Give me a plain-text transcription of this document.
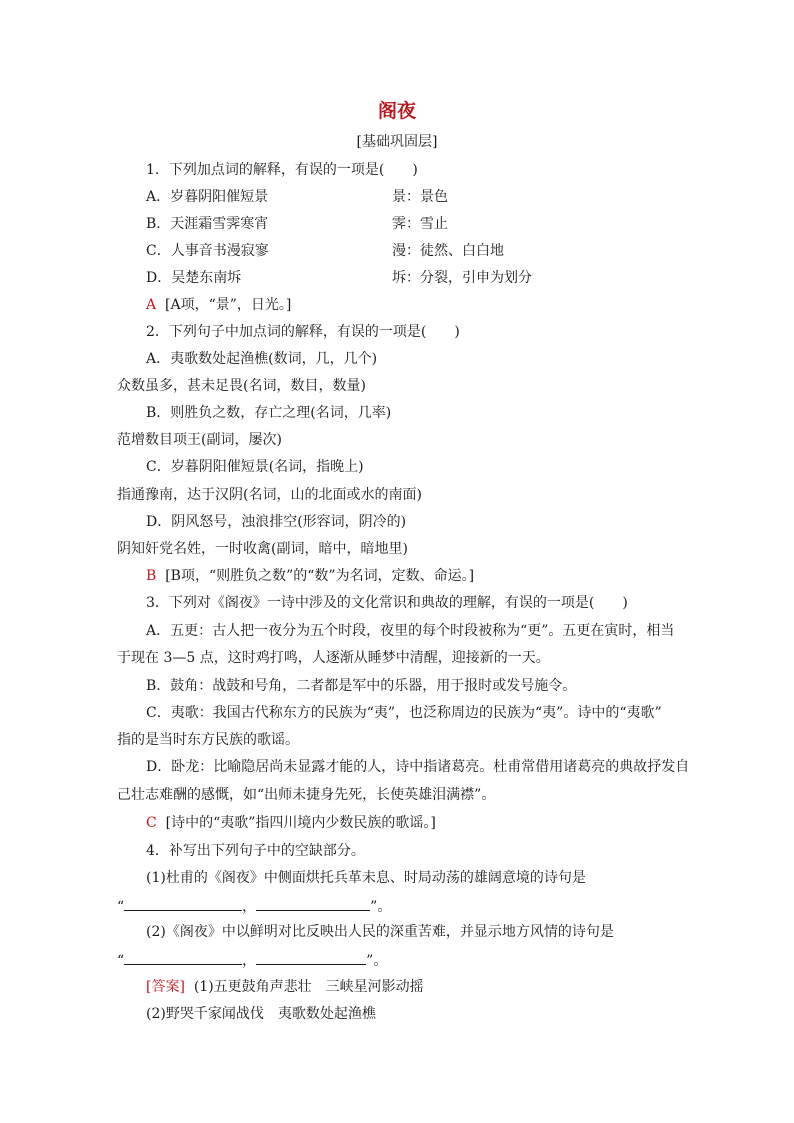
阁夜
[基础巩固层]
1．下列加点词的解释，有误的一项是(　　)
A．岁暮阴阳催短景	景：景色
B．天涯霜雪霁寒宵	霁：雪止
C．人事音书漫寂寥	漫：徒然、白白地
D．吴楚东南坼	坼：分裂，引申为划分
A [A项，“景”，日光。]
2．下列句子中加点词的解释，有误的一项是(　　)
A．夷歌数处起渔樵(数词，几，几个)
众数虽多，甚未足畏(名词，数目，数量)
B．则胜负之数，存亡之理(名词，几率)
范增数目项王(副词，屡次)
C．岁暮阴阳催短景(名词，指晚上)
指通豫南，达于汉阴(名词，山的北面或水的南面)
D．阴风怒号，浊浪排空(形容词，阴冷的)
阴知奸党名姓，一时收禽(副词，暗中，暗地里)
B [B项，“则胜负之数”的“数”为名词，定数、命运。]
3．下列对《阁夜》一诗中涉及的文化常识和典故的理解，有误的一项是(　　)
A．五更：古人把一夜分为五个时段，夜里的每个时段被称为“更”。五更在寅时，相当
于现在 3—5 点，这时鸡打鸣，人逐渐从睡梦中清醒，迎接新的一天。
B．鼓角：战鼓和号角，二者都是军中的乐器，用于报时或发号施令。
C．夷歌：我国古代称东方的民族为“夷”，也泛称周边的民族为“夷”。诗中的“夷歌”
指的是当时东方民族的歌谣。
D．卧龙：比喻隐居尚未显露才能的人，诗中指诸葛亮。杜甫常借用诸葛亮的典故抒发自
己壮志难酬的感慨，如“出师未捷身先死，长使英雄泪满襟”。
C [诗中的“夷歌”指四川境内少数民族的歌谣。]
4．补写出下列句子中的空缺部分。
(1)杜甫的《阁夜》中侧面烘托兵革未息、时局动荡的雄阔意境的诗句是
“	，	”。
(2)《阁夜》中以鲜明对比反映出人民的深重苦难，并显示地方风情的诗句是
“	，	”。
[答案] (1)五更鼓角声悲壮　三峡星河影动摇
(2)野哭千家闻战伐　夷歌数处起渔樵
